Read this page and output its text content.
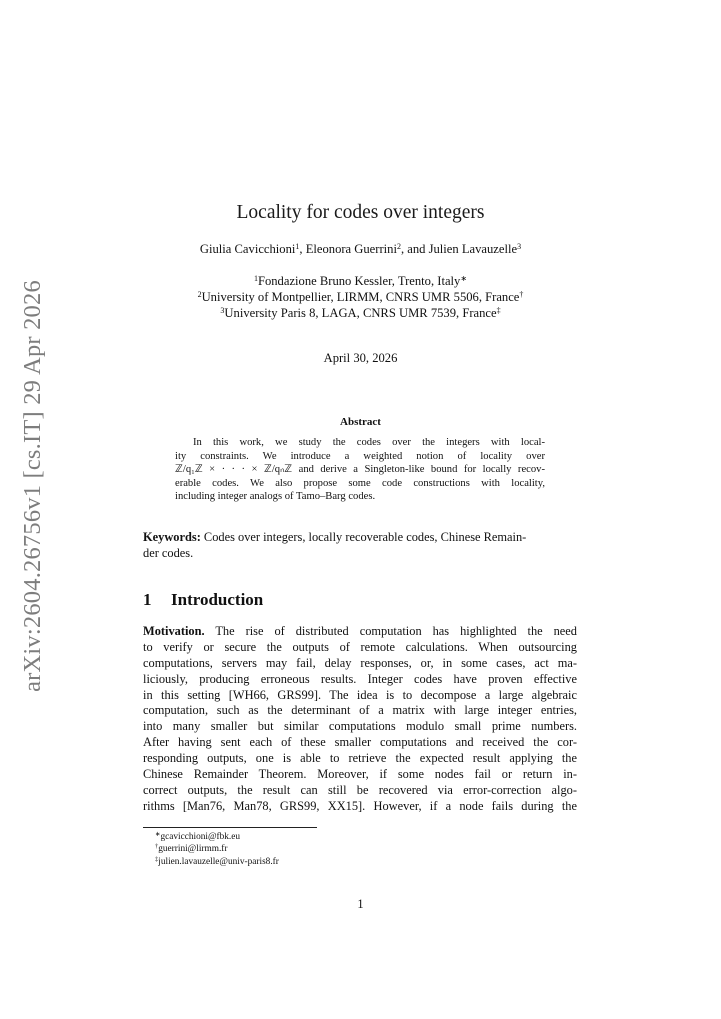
arXiv:2604.26756v1 [cs.IT] 29 Apr 2026
Locality for codes over integers
Giulia Cavicchioni$^1$, Eleonora Guerrini$^2$, and Julien Lavauzelle$^3$
$^1$Fondazione Bruno Kessler, Trento, Italy∗
$^2$University of Montpellier, LIRMM, CNRS UMR 5506, France†
$^3$University Paris 8, LAGA, CNRS UMR 7539, France‡
April 30, 2026
Abstract
In this work, we study the codes over the integers with local-
ity constraints. We introduce a weighted notion of locality over
ℤ/q₁ℤ × · · · × ℤ/qₙℤ and derive a Singleton-like bound for locally recov-
erable codes. We also propose some code constructions with locality,
including integer analogs of Tamo–Barg codes.
Keywords: Codes over integers, locally recoverable codes, Chinese Remain-
der codes.
1 Introduction
Motivation. The rise of distributed computation has highlighted the need
to verify or secure the outputs of remote calculations. When outsourcing
computations, servers may fail, delay responses, or, in some cases, act ma-
liciously, producing erroneous results. Integer codes have proven effective
in this setting [WH66, GRS99]. The idea is to decompose a large algebraic
computation, such as the determinant of a matrix with large integer entries,
into many smaller but similar computations modulo small prime numbers.
After having sent each of these smaller computations and received the cor-
responding outputs, one is able to retrieve the expected result applying the
Chinese Remainder Theorem. Moreover, if some nodes fail or return in-
correct outputs, the result can still be recovered via error-correction algo-
rithms [Man76, Man78, GRS99, XX15]. However, if a node fails during the
∗gcavicchioni@fbk.eu
†guerrini@lirmm.fr
‡julien.lavauzelle@univ-paris8.fr
1
